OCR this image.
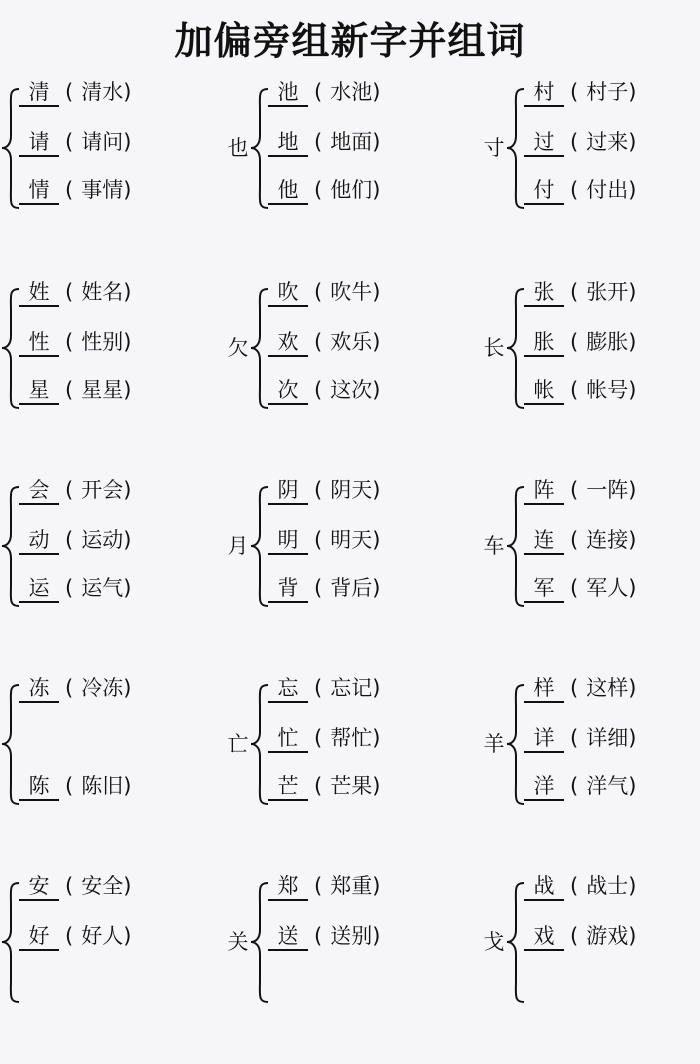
加偏旁组新字并组词
清 ( 清水)
请 ( 请问)
情 ( 事情)
也
池 ( 水池)
地 ( 地面)
他 ( 他们)
寸
村 ( 村子)
过 ( 过来)
付 ( 付出)
姓 ( 姓名)
性 ( 性别)
星 ( 星星)
欠
吹 ( 吹牛)
欢 ( 欢乐)
次 ( 这次)
长
张 ( 张开)
胀 ( 膨胀)
帐 ( 帐号)
会 ( 开会)
动 ( 运动)
运 ( 运气)
月
阴 ( 阴天)
明 ( 明天)
背 ( 背后)
车
阵 ( 一阵)
连 ( 连接)
军 ( 军人)
冻 ( 冷冻)
陈 ( 陈旧)
亡
忘 ( 忘记)
忙 ( 帮忙)
芒 ( 芒果)
羊
样 ( 这样)
详 ( 详细)
洋 ( 洋气)
安 ( 安全)
好 ( 好人)	关
郑 ( 郑重)
送 ( 送别)	戈
战 ( 战士)
戏 ( 游戏)
